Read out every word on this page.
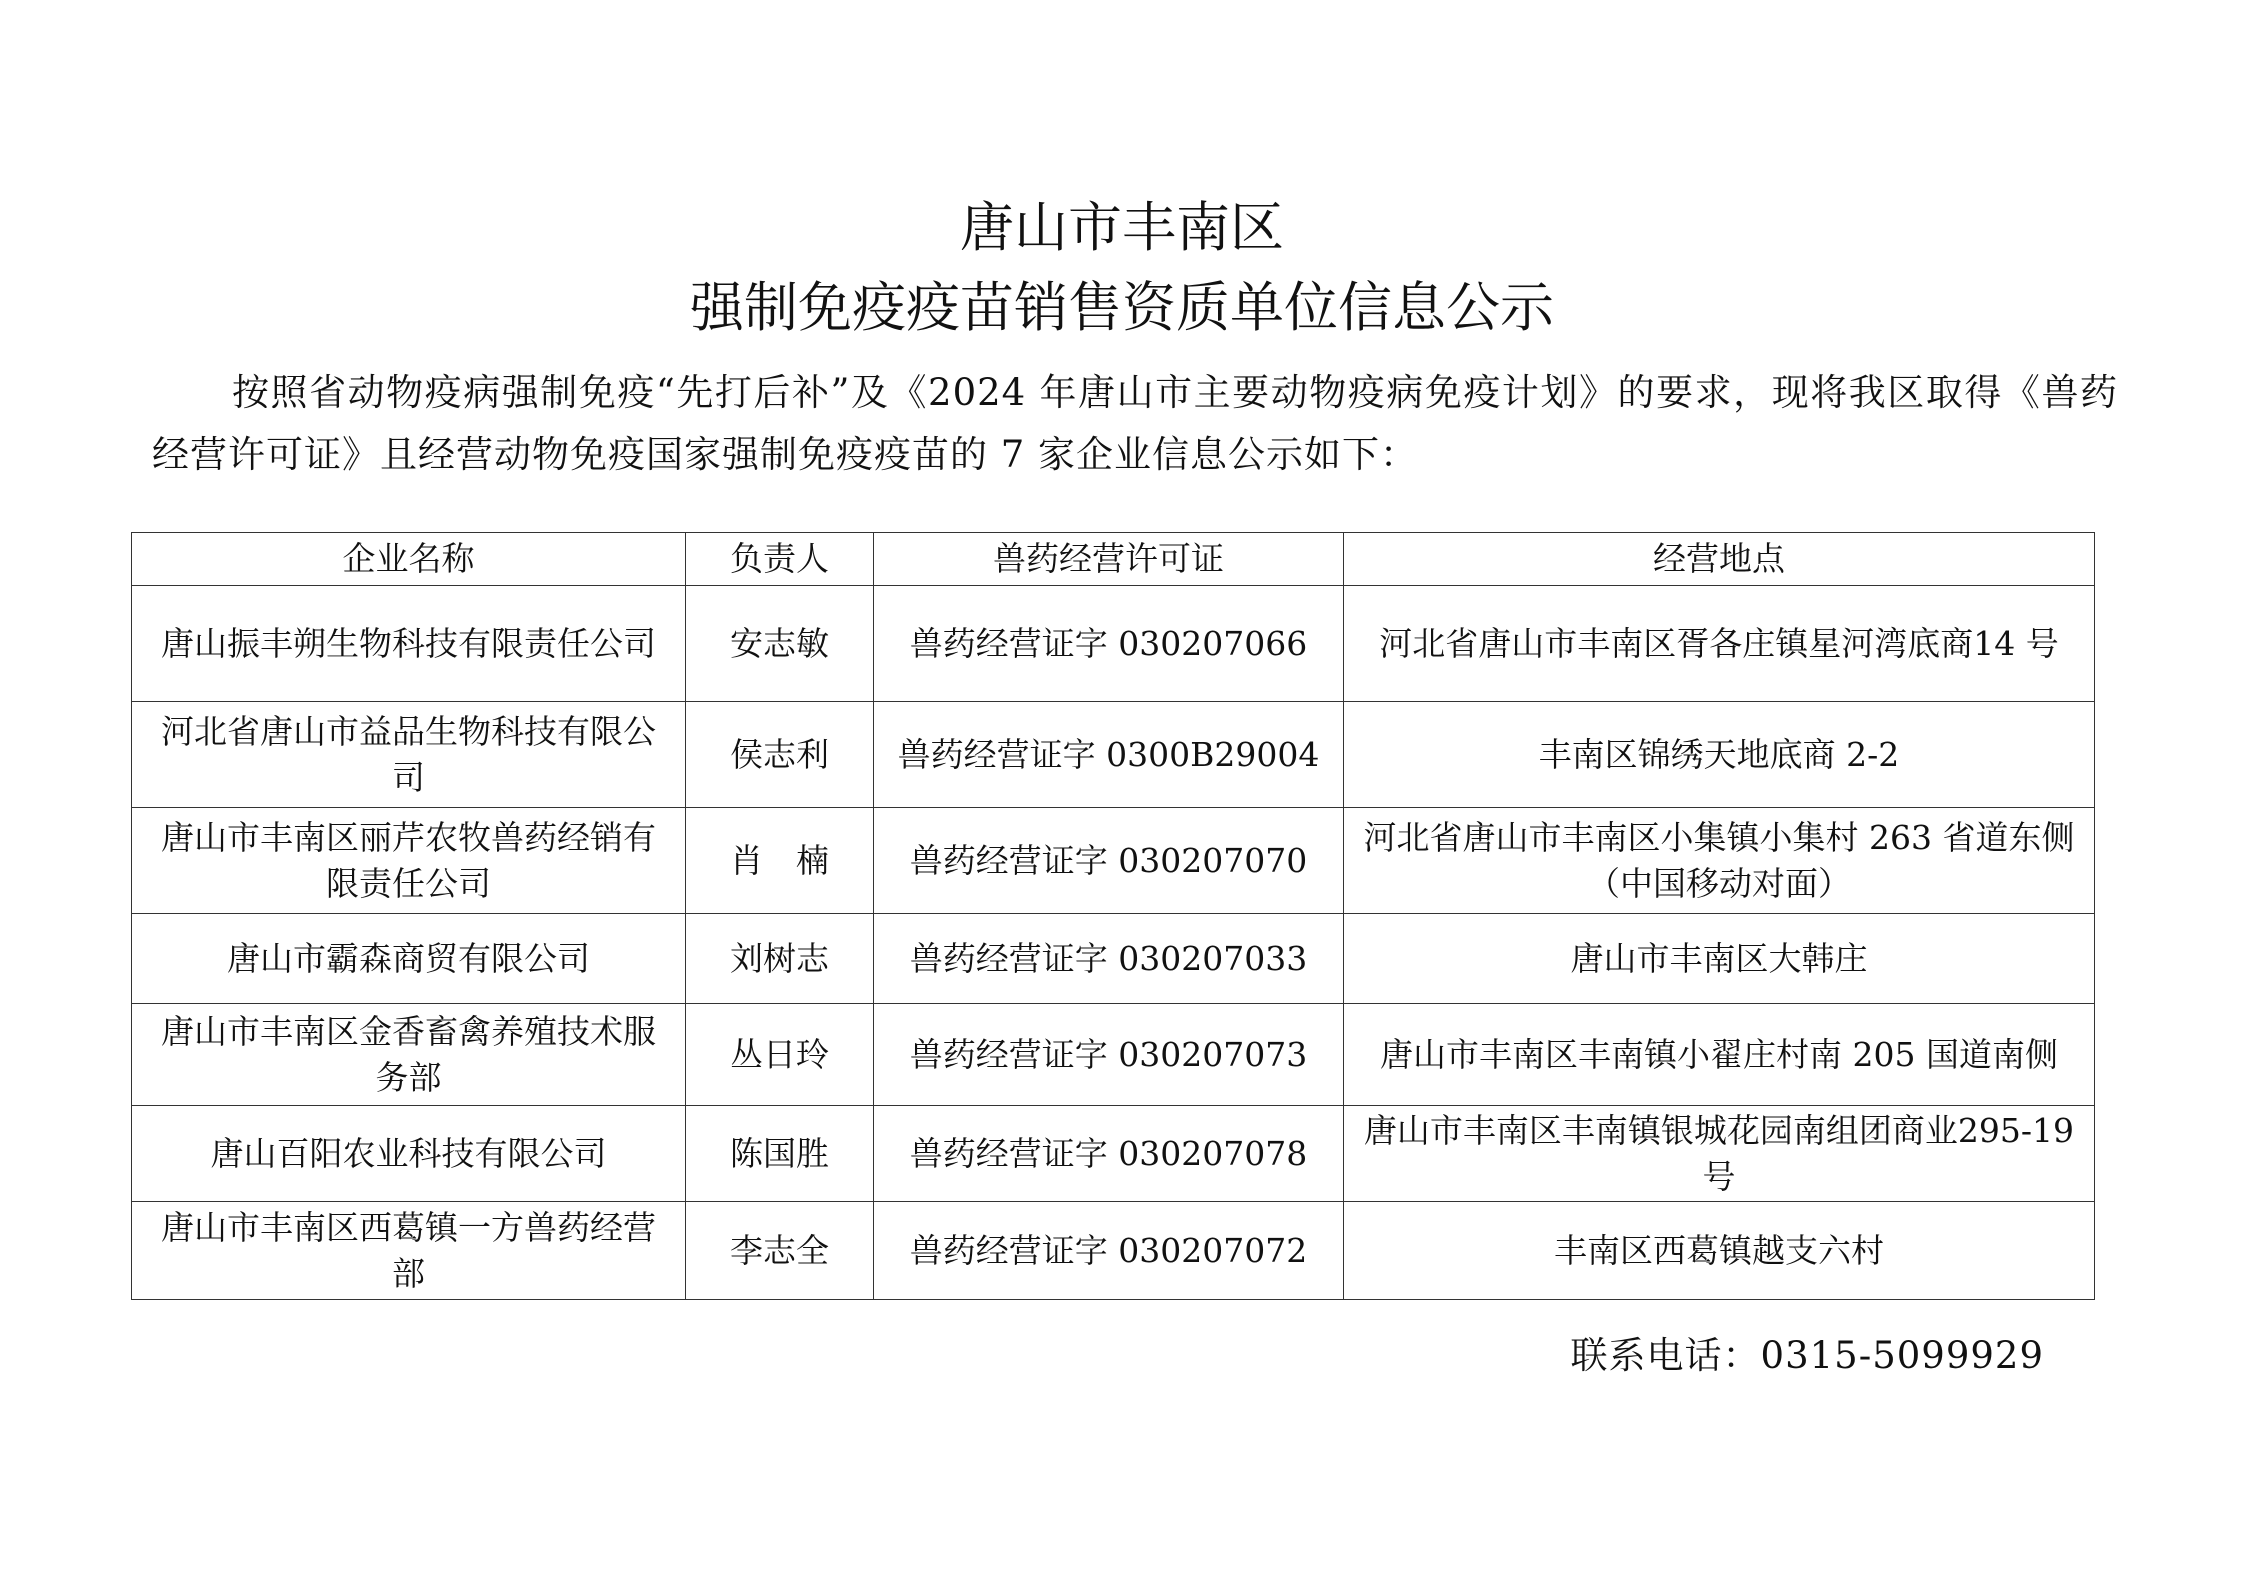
唐山市丰南区
强制免疫疫苗销售资质单位信息公示

按照省动物疫病强制免疫“先打后补”及《2024 年唐山市主要动物疫病免疫计划》的要求，现将我区取得《兽药经营许可证》且经营动物免疫国家强制免疫疫苗的 7 家企业信息公示如下：

企业名称	负责人	兽药经营许可证	经营地点
唐山振丰朔生物科技有限责任公司	安志敏	兽药经营证字 030207066	河北省唐山市丰南区胥各庄镇星河湾底商14 号
河北省唐山市益品生物科技有限公司	侯志利	兽药经营证字 0300B29004	丰南区锦绣天地底商 2-2
唐山市丰南区丽芹农牧兽药经销有限责任公司	肖　楠	兽药经营证字 030207070	河北省唐山市丰南区小集镇小集村 263 省道东侧（中国移动对面）
唐山市霸森商贸有限公司	刘树志	兽药经营证字 030207033	唐山市丰南区大韩庄
唐山市丰南区金香畜禽养殖技术服务部	丛日玲	兽药经营证字 030207073	唐山市丰南区丰南镇小翟庄村南 205 国道南侧
唐山百阳农业科技有限公司	陈国胜	兽药经营证字 030207078	唐山市丰南区丰南镇银城花园南组团商业295-19 号
唐山市丰南区西葛镇一方兽药经营部	李志全	兽药经营证字 030207072	丰南区西葛镇越支六村

联系电话：0315-5099929
